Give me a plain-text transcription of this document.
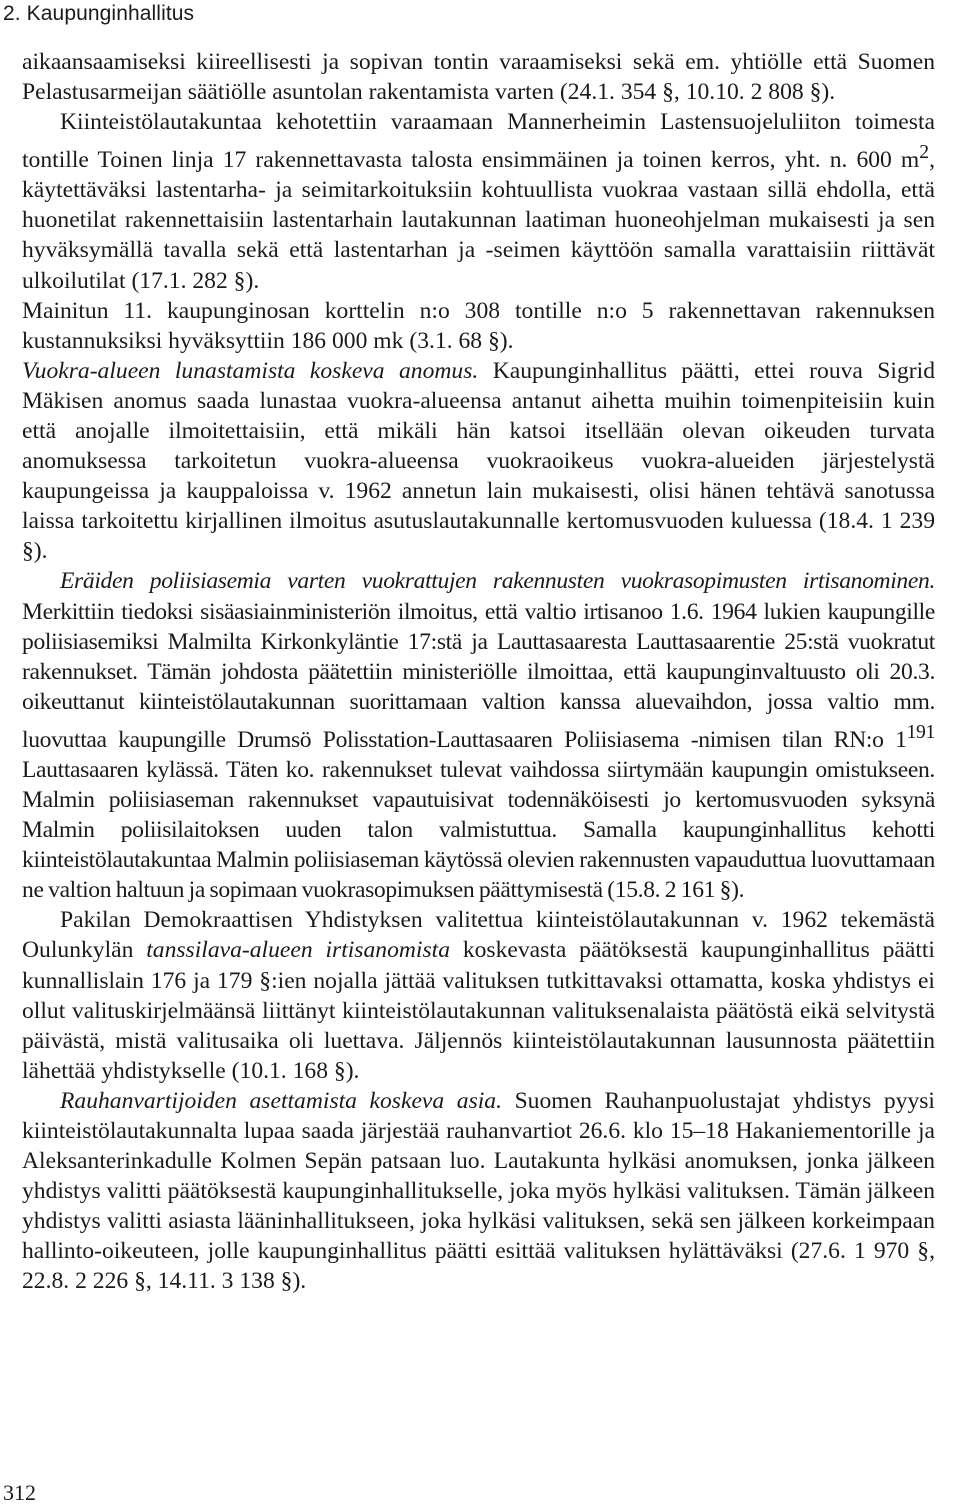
2. Kaupunginhallitus

aikaansaamiseksi kiireellisesti ja sopivan tontin varaamiseksi sekä em. yhtiölle että Suomen Pelastusarmeijan säätiölle asuntolan rakentamista varten (24.1. 354 §, 10.10. 2 808 §).

Kiinteistölautakuntaa kehotettiin varaamaan Mannerheimin Lastensuojeluliiton toimesta tontille Toinen linja 17 rakennettavasta talosta ensimmäinen ja toinen kerros, yht. n. 600 $m^2$, käytettäväksi lastentarha- ja seimitarkoituksiin kohtuullista vuokraa vastaan sillä ehdolla, että huonetilat rakennettaisiin lastentarhain lautakunnan laatiman huoneohjelman mukaisesti ja sen hyväksymällä tavalla sekä että lastentarhan ja -seimen käyttöön samalla varattaisiin riittävät ulkoilutilat (17.1. 282 §).

Mainitun 11. kaupunginosan korttelin n:o 308 tontille n:o 5 rakennettavan rakennuksen kustannuksiksi hyväksyttiin 186 000 mk (3.1. 68 §).

Vuokra-alueen lunastamista koskeva anomus. Kaupunginhallitus päätti, ettei rouva Sigrid Mäkisen anomus saada lunastaa vuokra-alueensa antanut aihetta muihin toimenpiteisiin kuin että anojalle ilmoitettaisiin, että mikäli hän katsoi itsellään olevan oikeuden turvata anomuksessa tarkoitetun vuokra-alueensa vuokraoikeus vuokra-alueiden järjestelystä kaupungeissa ja kauppaloissa v. 1962 annetun lain mukaisesti, olisi hänen tehtävä sanotussa laissa tarkoitettu kirjallinen ilmoitus asutuslautakunnalle kertomusvuoden kuluessa (18.4. 1 239 §).

Eräiden poliisiasemia varten vuokrattujen rakennusten vuokrasopimusten irtisanominen. Merkittiin tiedoksi sisäasiainministeriön ilmoitus, että valtio irtisanoo 1.6. 1964 lukien kaupungille poliisiasemiksi Malmilta Kirkonkyläntie 17:stä ja Lauttasaaresta Lauttasaarentie 25:stä vuokratut rakennukset. Tämän johdosta päätettiin ministeriölle ilmoittaa, että kaupunginvaltuusto oli 20.3. oikeuttanut kiinteistölautakunnan suorittamaan valtion kanssa aluevaihdon, jossa valtio mm. luovuttaa kaupungille Drumsö Polisstation-Lauttasaaren Poliisiasema -nimisen tilan RN:o $1^{191}$ Lauttasaaren kylässä. Täten ko. rakennukset tulevat vaihdossa siirtymään kaupungin omistukseen. Malmin poliisiaseman rakennukset vapautuisivat todennäköisesti jo kertomusvuoden syksynä Malmin poliisilaitoksen uuden talon valmistuttua. Samalla kaupunginhallitus kehotti kiinteistölautakuntaa Malmin poliisiaseman käytössä olevien rakennusten vapauduttua luovuttamaan ne valtion haltuun ja sopimaan vuokrasopimuksen päättymisestä (15.8. 2 161 §).

Pakilan Demokraattisen Yhdistyksen valitettua kiinteistölautakunnan v. 1962 tekemästä Oulunkylän tanssilava-alueen irtisanomista koskevasta päätöksestä kaupunginhallitus päätti kunnallislain 176 ja 179 §:ien nojalla jättää valituksen tutkittavaksi ottamatta, koska yhdistys ei ollut valituskirjelmäänsä liittänyt kiinteistölautakunnan valituksenalaista päätöstä eikä selvitystä päivästä, mistä valitusaika oli luettava. Jäljennös kiinteistölautakunnan lausunnosta päätettiin lähettää yhdistykselle (10.1. 168 §).

Rauhanvartijoiden asettamista koskeva asia. Suomen Rauhanpuolustajat yhdistys pyysi kiinteistölautakunnalta lupaa saada järjestää rauhanvartiot 26.6. klo 15–18 Hakaniementorille ja Aleksanterinkadulle Kolmen Sepän patsaan luo. Lautakunta hylkäsi anomuksen, jonka jälkeen yhdistys valitti päätöksestä kaupunginhallitukselle, joka myös hylkäsi valituksen. Tämän jälkeen yhdistys valitti asiasta lääninhallitukseen, joka hylkäsi valituksen, sekä sen jälkeen korkeimpaan hallinto-oikeuteen, jolle kaupunginhallitus päätti esittää valituksen hylättäväksi (27.6. 1 970 §, 22.8. 2 226 §, 14.11. 3 138 §).

312
